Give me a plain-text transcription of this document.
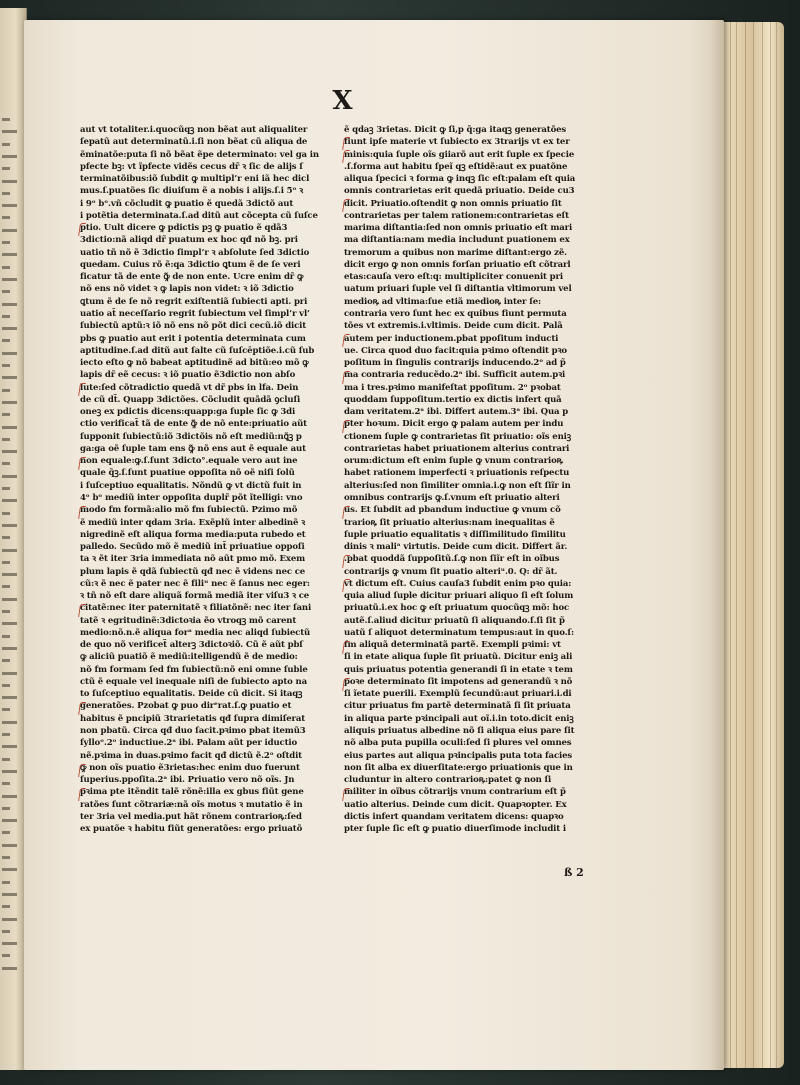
X
aut vt totaliter.i.quocũqꝫ non bẽat aut aliqualiter
ſepatũ aut determinatũ.i.ſi non bẽat cũ aliqua de
ẽminatõe:puta ſi nõ bẽat ẽpe determinato: vel ga in
pfecte bꝫ: vt ĩpfecte vidẽs cecus dr̃ ꝛ ſic de alijs ſ
terminatõibus:iõ ſubdit ꝙ multipl’r eni iã hec dicl
mus.ſ.puatões ſic diuiſum ẽ a nobis i alijs.ſ.i 5ᵒ ꝛ
i 9ᵒ bᵒ.vñ cõcludit ꝙ puatio ẽ quedã 3dictõ aut
i potẽtia determinata.ſ.ad ditũ aut cõcepta cũ ſuſce
ptio. Uult dicere ꝙ pdictis pꝫ ꝙ puatio ẽ qdã3
3dictio:nã aliqd dr̃ puatum ex hoc qđ nõ bꝫ. pri
uatio tñ nõ ẽ 3dictio ſimpl’r ꝛ abſolute ſed 3dictio
quedam. Cuius rõ ẽ:qa 3dictio ꝗtum ẽ de ſe veri
ficatur tã de ente ꝙ̃ de non ente. Ucre enim dr̃ ꝙ
nõ ens nõ videt ꝛ ꝙ lapis non videt: ꝛ iõ 3dictio
ꝗtum ẽ de ſe nõ regrit exiſtentiã ſubiecti apti. pri
uatio at̃ neceſſario regrit ſubiectum vel ſimpl’r vl’
ſubiectũ aptũ:ꝛ iõ nõ ens nõ põt dici cecũ.iõ dicit
pbs ꝙ puatio aut erit i potentia determinata cum
aptitudine.ſ.ad ditũ aut ſalte cũ ſuſcēptiõe.i.cũ ſub
iecto eſto ꝙ nõ babeat aptitudinẽ ad bitũ:eo mõ ꝙ
lapis dr̃ eẽ cecus: ꝛ iõ puatio ẽ3dictio non abſo
lute:ſed cõtradictio quedã vt dr̃ pbs in lfa. Dein
de cũ dt̃. Quapp 3dictões. Cõcludit quãdã ꝯcluſi
oneꝫ ex pdictis dicens:quapp:ga ſuple ſic ꝙ 3di
ctio verificat̃ tã de ente ꝙ̃ de nõ ente:priuatio aũt
ſupponit ſubiectũ:iõ 3dictõis nõ eſt mediũ:nꝗ̃ꝫ p
ga:ga oẽ ſuple tam ens ꝙ̃ nõ ens aut ẽ equale aut
non equale:ꝙ.ſ.ſunt 3dicto°.equale vero aut ine
quale q̃ꝫ.ſ.ſunt puatiue oppoſita nõ oẽ niſi ſolũ
i ſuſceptiuo equalitatis. Nõndũ ꝙ vt dictũ fuit in
4ᵒ bᵒ mediũ inter oppoſita duplr̃ põt ĩtelligi: vno
modo fm formã:alio mõ fm ſubiectũ. Pzimo mõ
ẽ mediũ inter qdam 3ria. Exẽplũ inter albedinẽ ꝛ
nigredinẽ eſt aliqua forma media:puta rubedo et
palledo. Secũdo mõ ẽ mediũ int̃ priuatiue oppoſi
ta ꝛ ẽt iter 3ria immediata nõ aũt pmo mõ. Exem
plum lapis ẽ qdã ſubiectũ qđ nec ẽ videns nec ce
cũ:ꝛ ẽ nec ẽ pater nec ẽ filiᵘ nec ẽ ſanus nec eger:
ꝛ tñ nõ eſt dare aliquã formã mediã iter viſu3 ꝛ ce
citatẽ:nec iter paternitatẽ ꝛ filiatõnẽ: nec iter ſani
tatẽ ꝛ egritudinẽ:3dictoꝛia ẽo vtroqꝫ mõ carent
medio:nõ.n.ẽ aliqua forᵃ media nec aliqd ſubiectũ
de quo nõ verificet̃ alterꝫ 3dictoꝛiõ. Cũ ẽ aũt pbſ
ꝙ aliciũ puatiõ ẽ mediũ:itelligendũ ẽ de medio:
nõ fm formam ſed fm ſubiectũ:nõ eni omne ſuble
ctũ ẽ equale vel inequale niſi de ſubiecto apto na
to ſuſceptiuo equalitatis. Deide cũ dicit. Si itaqꝫ
generatões. Pzobat ꝙ puo dirᵉrat.ſ.ꝙ puatio et
habitus ẽ pncipiũ 3trarietatis qđ ſupra dimiſerat
non pbatũ. Circa qđ duo ſacit.pꝛimo pbat itemũ3
ſylloᵒ.2ᵒ inductiue.2ᵃ ibi. Palam aũt per iductio
nẽ.pꝛima in duas.pꝛimo facit qđ dictũ ẽ.2ᵒ oſtdit
ꝙ non oĩs puatio ẽ3rietas:hec enim duo fuerunt
ſuperius.ppoſita.2ᵃ ibi. Priuatio vero nõ oĩs. Jn
pꝛima pte itẽndit talẽ rõnẽ:illa ex gbus fiũt gene
ratões ſunt cõtrariæ:nã oĩs motus ꝛ mutatio ẽ in
ter 3ria vel media.put hãt rõnem contrarioꝶ:ſed
ex puatõe ꝛ habitu fiũt generatões: ergo priuatõ
ẽ qdaꝫ 3rietas. Dicit ꝙ ſi,p q̃:ga itaqꝫ generatões
fiunt ipſe materie vt ſubiecto ex 3trarijs vt ex ter
minis:quia ſuple oĩs giiarõ aut erit ſuple ex ſpecie
.ſ.forma aut habitu ſpeĩ qꝫ eſtidẽ:aut ex puatõne
aliqua ſpecici ꝛ forma ꝙ inqꝫ ſic eſt:palam eſt quia
omnis contrarietas erit quedã priuatio. Deide cu3
dicit. Priuatio.oſtendit ꝙ non omnis priuatio ſit
contrarietas per talem rationem:contrarietas eſt
marima diſtantia:ſed non omnis priuatio eſt mari
ma diſtantia:nam media includunt puationem ex
tremorum a quibus non marime diſtant:ergo zẽ.
dicit ergo ꝙ non omnis forſan priuatio eſt cõtrarl
etas:cauſa vero eſt:q: multipliciter conuenit pri
uatum priuari ſuple vel ſi diſtantia vltimorum vel
medioꝶ ad vltima:ſue etiã medioꝶ inter ſe:
contraria vero ſunt hec ex quibus fiunt permuta
tões vt extremis.i.vltimis. Deide cum dicit. Palã
autem per inductionem.pbat ppoſitum inducti
ue. Circa quod duo facit:quia pꝛimo oſtendit pꝛo
poſitum in ſingulis contrarijs inducendo.2ᵒ ad p̃
ma contraria reducẽdo.2ᵃ ibi. Sufficit autem.pꝛi
ma i tres.pꝛimo manifeſtat ppoſitum. 2ᵒ pꝛobat
quoddam ſuppoſitum.tertio ex dictis infert quã
dam veritatem.2ᵃ ibi. Differt autem.3ᵃ ibi. Qua p
pter hoꝛum. Dicit ergo ꝙ palam autem per indu
ctionem ſuple ꝙ contrarietas ſit priuatio: oĩs eniꝫ
contrarietas habet priuationem alterius contrari
orum:dictum eſt enim ſuple ꝙ vnum contrarioꝶ
habet rationem imperfecti ꝛ priuationis reſpectu
alterius:ſed non ſimiliter omnia.i.ꝙ non eſt ſiĩr in
omnibus contrarijs ꝙ.ſ.vnum eſt priuatio alteri
us. Et ſubdit ad pbandum inductiue ꝙ vnum cõ
trarioꝶ ſit priuatio alterius:nam inequalitas ẽ
ſuple priuatio equalitatis ꝛ diſſimilitudo ſimilitu
dinis ꝛ maliᵃ virtutis. Deide cum dicit. Differt ãr.
.pbat quoddã ſuppoſitũ.ſ.ꝙ non ſiĩr eſt in oĩbus
contrarijs ꝙ vnum ſit puatio alteriᵘ.0. Q: dr̃ ãt.
vt dictum eſt. Cuius cauſa3 ſubdit enim pꝛo quia:
quia aliud ſuple dicitur priuari aliquo ſi eſt ſolum
priuatũ.i.ex hoc ꝙ eſt priuatum quocũqꝫ mõ: hoc
autẽ.ſ.aliud dicitur priuatũ ſi aliquando.ſ.ſi ſit p̃
uatũ ſ aliquot determinatum tempus:aut in quo.ſ:
fm aliquã determinatã partẽ. Exempli pꝛimi: vt
ſi in etate aliqua ſuple ſit priuatũ. Dicitur eniꝫ ali
quis priuatus potentia generandi ſi in etate ꝛ tem
poꝛe determinato ſit impotens ad generandũ ꝛ nõ
ſi ĩetate puerili. Exemplũ ſecundũ:aut priuari.i.di
citur priuatus fm partẽ determinatã ſi ſit priuata
in aliqua parte pꝛincipali aut oĩ.i.in toto.dicit eniꝫ
aliquis priuatus albedine nõ ſi aliqua eius pare ſit
nõ alba puta pupilla oculi:ſed ſi plures vel omnes
eius partes aut aliqua pꝛincipalis puta tota facies
non ſit alba ex diuerſitate:ergo priuationis que in
cluduntur in altero contrarioꝶ:patet ꝙ non ſi
militer in oĩbus cõtrarijs vnum contrarium eſt p̃
uatio alterius. Deinde cum dicit. Quapꝛopter. Ex
dictis infert quandam veritatem dicens: quapꝛo
pter ſuple ſic eſt ꝙ puatio diuerſimode includit i
ß 2
